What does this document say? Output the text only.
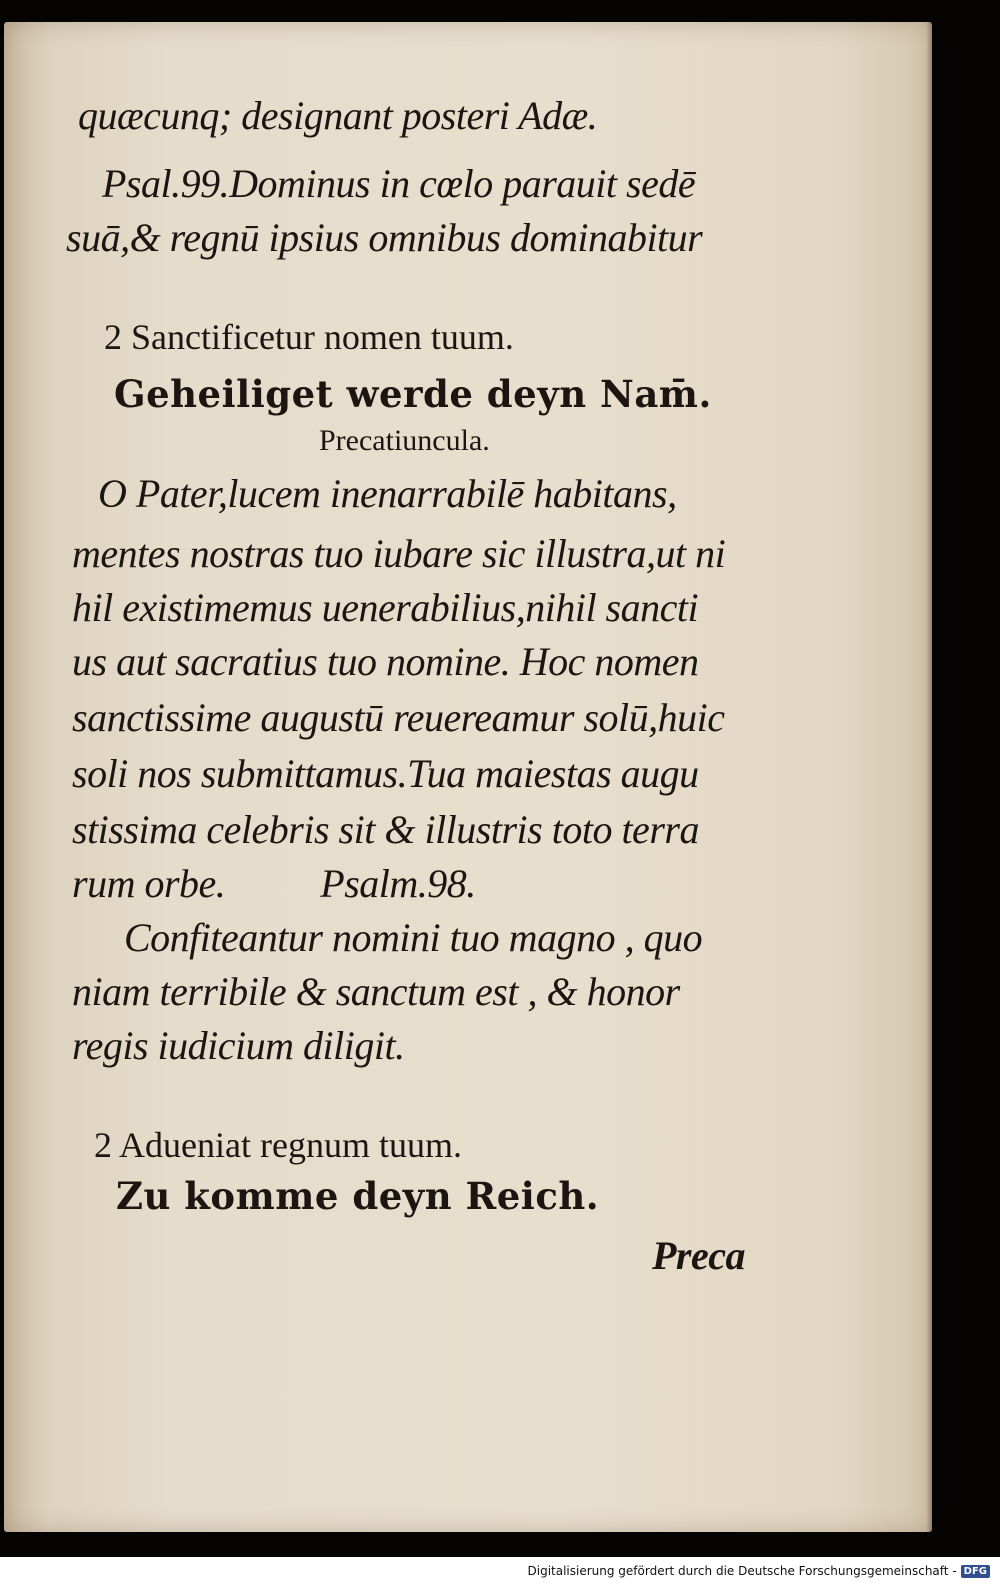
quæcunq; designant posteri Adæ.
Psal.99.Dominus in cœlo parauit sedē
suā,& regnū ipsius omnibus dominabitur
2 Sanctificetur nomen tuum.
Geheiliget werde deyn Nam̄.
Precatiuncula.
O Pater,lucem inenarrabilē habitans,
mentes nostras tuo iubare sic illustra,ut ni
hil existimemus uenerabilius,nihil sancti
us aut sacratius tuo nomine. Hoc nomen
sanctissime augustū reuereamur solū,huic
soli nos submittamus.Tua maiestas augu
stissima celebris sit & illustris toto terra
rum orbe.          Psalm.98.
Confiteantur nomini tuo magno , quo
niam terribile & sanctum est , & honor
regis iudicium diligit.
2 Adueniat regnum tuum.
Zu komme deyn Reich.
Preca
Digitalisierung gefördert durch die Deutsche Forschungsgemeinschaft - DFG
